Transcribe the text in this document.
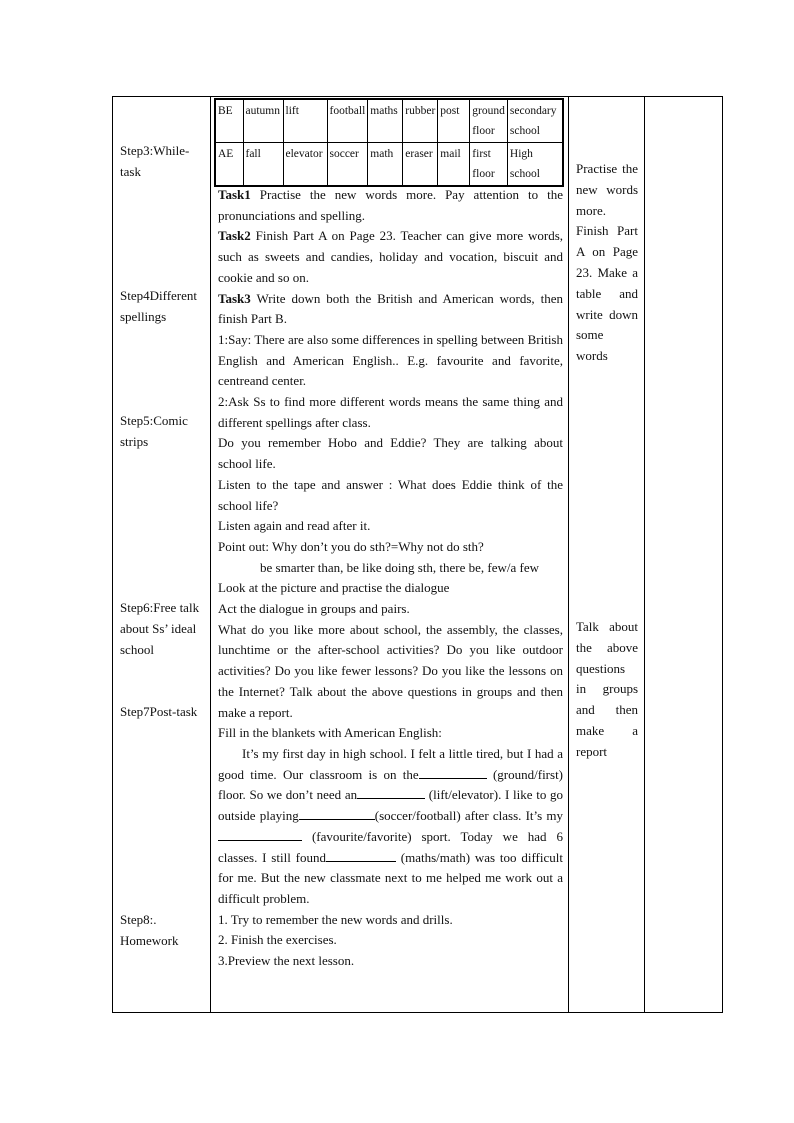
Step3:While-task
Step4Different spellings
Step5:Comic strips
Step6:Free talk about Ss’ ideal school
Step7Post-task
Step8:. Homework
BE	autumn	lift	football	maths	rubber	post	ground floor	secondary school
AE	fall	elevator	soccer	math	eraser	mail	first floor	High school

Task1 Practise the new words more. Pay attention to the pronunciations and spelling.

Task2 Finish Part A on Page 23. Teacher can give more words, such as sweets and candies, holiday and vocation, biscuit and cookie and so on.

Task3 Write down both the British and American words, then finish Part B.

1:Say: There are also some differences in spelling between British English and American English.. E.g. favourite and favorite, centreand center.

2:Ask Ss to find more different words means the same thing and different spellings after class.

Do you remember Hobo and Eddie? They are talking about school life.

Listen to the tape and answer : What does Eddie think of the school life?

Listen again and read after it.

Point out: Why don’t you do sth?=Why not do sth?

be smarter than, be like doing sth, there be, few/a few

Look at the picture and practise the dialogue

Act the dialogue in groups and pairs.

What do you like more about school, the assembly, the classes, lunchtime or the after-school activities? Do you like outdoor activities? Do you like fewer lessons? Do you like the lessons on the Internet? Talk about the above questions in groups and then make a report.

Fill in the blankets with American English:

It’s my first day in high school. I felt a little tired, but I had a good time. Our classroom is on the	(ground/first) floor. So we don’t need an	(lift/elevator). I like to go outside playing	(soccer/football) after class. It’s my (favourite/favorite) sport. Today we had 6 classes. I still found	(maths/math) was too difficult for me. But the new classmate next to me helped me work out a difficult problem.

1. Try to remember the new words and drills.

2. Finish the exercises.

3.Preview the next lesson.

Practise the new words more. Finish Part A on Page 23. Make a table and write down some words
Talk about the above questions in groups and then make a report
